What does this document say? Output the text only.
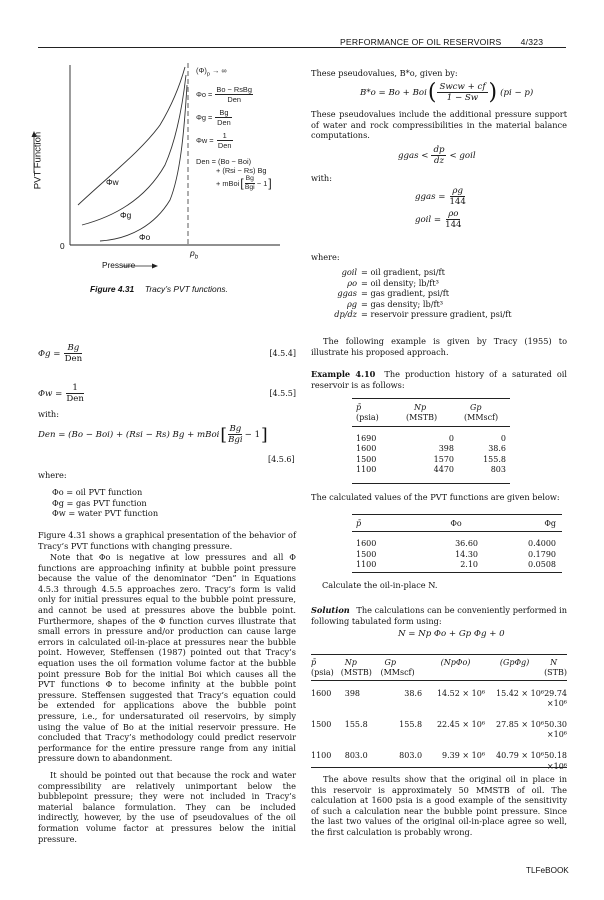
PERFORMANCE OF OIL RESERVOIRS 4/323
PVT Function
Pressure
0
$p_b$
Φw
Φg
Φo
$(\Phi)_p$ → ∞
Φo =
Bo − RsBg
Den
Φg =
Bg
Den
Φw =
1
Den
Den = (Bo − Boi)
+ (Rsi − Rs) Bg
+ mBoi [ Bg
Bgi − 1 ]
Figure 4.31 Tracy’s PVT functions.
Φg =
Bg
Den
[4.5.4]
Φw =
1
Den
[4.5.5]
with:
Den = (Bo − Boi) + (Rsi − Rs) Bg + mBoi [ Bg
Bgi
− 1 ]
[4.5.6]
where:
Φo = oil PVT function
Φg = gas PVT function
Φw = water PVT function
Figure 4.31 shows a graphical presentation of the behavior of Tracy’s PVT functions with changing pressure.
Note that Φo is negative at low pressures and all Φ functions are approaching infinity at bubble point pressure because the value of the denominator “Den” in Equations 4.5.3 through 4.5.5 approaches zero. Tracy’s form is valid only for initial pressures equal to the bubble point pressure, and cannot be used at pressures above the bubble point. Furthermore, shapes of the Φ function curves illustrate that small errors in pressure and/or production can cause large errors in calculated oil-in-place at pressures near the bubble point. However, Steffensen (1987) pointed out that Tracy’s equation uses the oil formation volume factor at the bubble point pressure Bob for the initial Boi which causes all the PVT functions Φ to become infinity at the bubble point pressure. Steffensen suggested that Tracy’s equation could be extended for applications above the bubble point pressure, i.e., for undersaturated oil reservoirs, by simply using the value of Bo at the initial reservoir pressure. He concluded that Tracy’s methodology could predict reservoir performance for the entire pressure range from any initial pressure down to abandonment.
It should be pointed out that because the rock and water compressibility are relatively unimportant below the bubblepoint pressure; they were not included in Tracy’s material balance formulation. They can be included indirectly, however, by the use of pseudovalues of the oil formation volume factor at pressures below the initial pressure.
These pseudovalues, B*o, given by:
B*o = Bo + Boi ( Swcw + cf
1 − Sw ) (pi − p)
These pseudovalues include the additional pressure support of water and rock compressibilities in the material balance computations.
ggas <
dp
dz
< goil
with:
ggas = $\frac{\rho g}{144}$
goil = $\frac{\rho o}{144}$
where:
goil = oil gradient, psi/ft
ρo = oil density; lb/ft³
ggas = gas gradient, psi/ft
ρg = gas density; lb/ft³
dp/dz = reservoir pressure gradient, psi/ft
The following example is given by Tracy (1955) to illustrate his proposed approach.
Example 4.10 The production history of a saturated oil reservoir is as follows:
p̄	Np	Gp
(psia)	(MSTB)	(MMscf)

1690	0	0
1600	398	38.6
1500	1570	155.8
1100	4470	803
The calculated values of the PVT functions are given below:
p̄	Φo	Φg

1600	36.60	0.4000
1500	14.30	0.1790
1100	2.10	0.0508
Calculate the oil-in-place N.
Solution The calculations can be conveniently performed in following tabulated form using:
N = Np Φo + Gp Φg + 0
p̄	Np	Gp	(NpΦo)	(GpΦg)	N
(psia)	(MSTB)	(MMscf)			(STB)

1600	398	38.6	14.52 × 10⁶	15.42 × 10⁶	29.74
					×10⁶

1500	155.8	155.8	22.45 × 10⁶	27.85 × 10⁶	50.30
					×10⁶

1100	803.0	803.0	9.39 × 10⁶	40.79 × 10⁶	50.18
					×10⁶
The above results show that the original oil in place in this reservoir is approximately 50 MMSTB of oil. The calculation at 1600 psia is a good example of the sensitivity of such a calculation near the bubble point pressure. Since the last two values of the original oil-in-place agree so well, the first calculation is probably wrong.
TLFeBOOK
